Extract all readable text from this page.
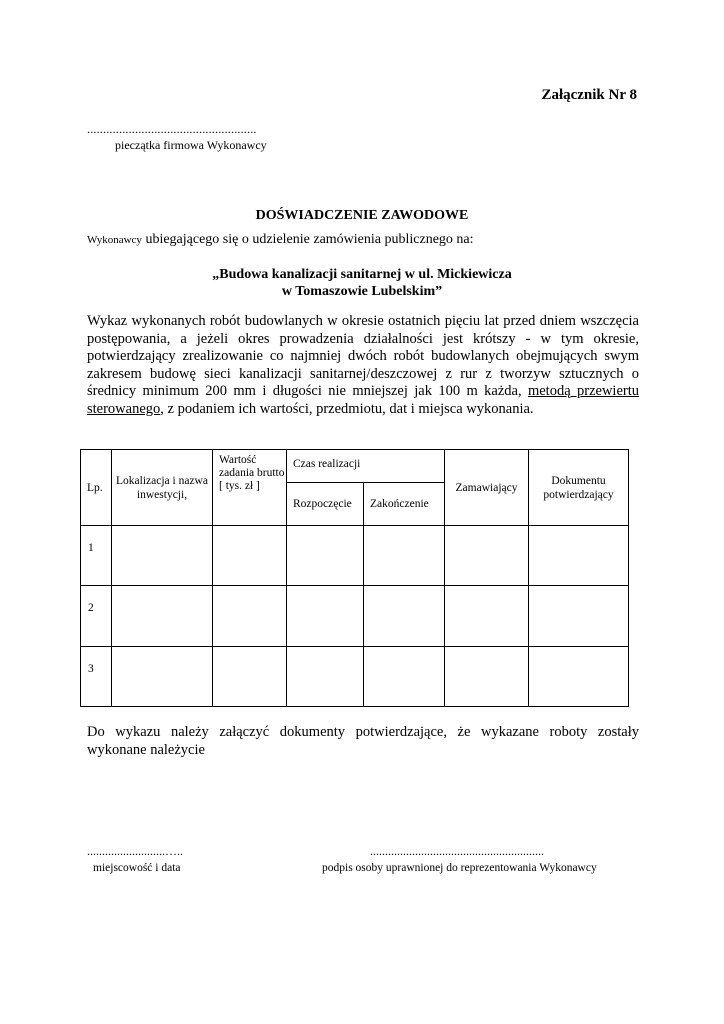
Załącznik Nr 8
.....................................................
pieczątka firmowa Wykonawcy
DOŚWIADCZENIE ZAWODOWE
Wykonawcy ubiegającego się o udzielenie zamówienia publicznego na:
„Budowa kanalizacji sanitarnej w ul. Mickiewicza
w Tomaszowie Lubelskim”
Wykaz wykonanych robót budowlanych w okresie ostatnich pięciu lat przed dniem wszczęcia postępowania, a jeżeli okres prowadzenia działalności jest krótszy - w tym okresie, potwierdzający zrealizowanie co najmniej dwóch robót budowlanych obejmujących swym zakresem budowę sieci kanalizacji sanitarnej/deszczowej z rur z tworzyw sztucznych o średnicy minimum 200 mm i długości nie mniejszej jak 100 m każda, metodą przewiertu sterowanego, z podaniem ich wartości, przedmiotu, dat i miejsca wykonania.
Lp.	Lokalizacja i nazwa inwestycji,	Wartość zadania brutto [ tys. zł ]	Czas realizacji		Zamawiający	Dokumentu potwierdzający
			Rozpoczęcie	Zakończenie		
1						
2						
3						
Do wykazu należy załączyć dokumenty potwierdzające, że wykazane roboty zostały wykonane należycie
..........................…..
miejscowość i data
..........................................................
podpis osoby uprawnionej do reprezentowania Wykonawcy
